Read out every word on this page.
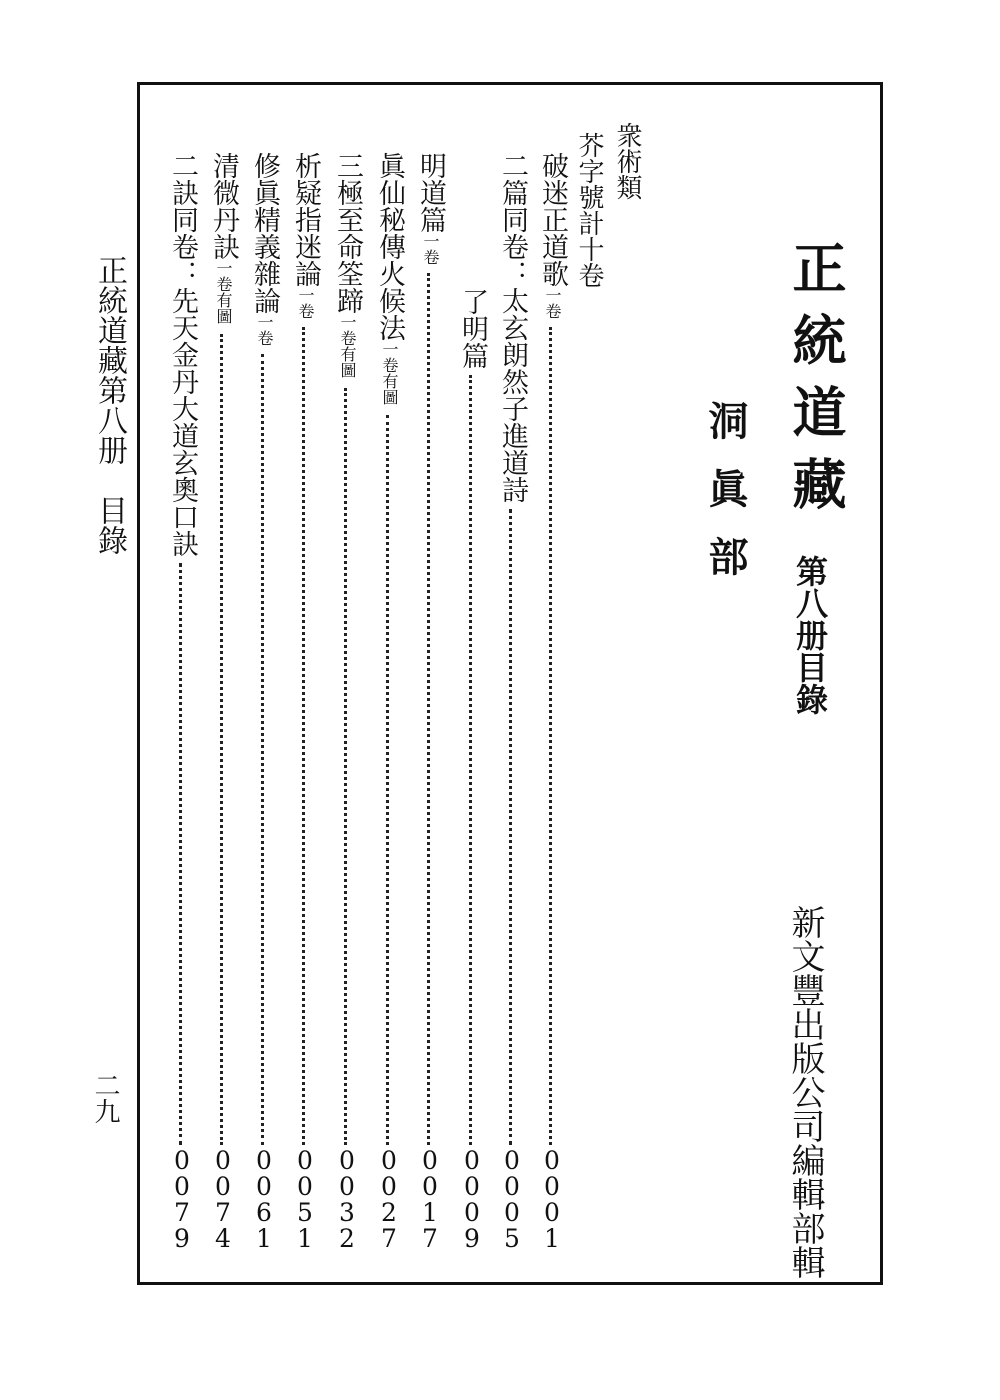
正統道藏第八册　目錄
二九
正統道藏
第八册目錄
洞眞部
新文豐出版公司編輯部輯
衆術類
芥字號計十卷
破迷正道歌一卷
0
0
0
1
二篇同卷：太玄朗然子進道詩
0
0
0
5
了明篇
0
0
0
9
明道篇一卷
0
0
1
7
眞仙秘傳火候法一卷有圖
0
0
2
7
三極至命筌蹄一卷有圖
0
0
3
2
析疑指迷論一卷
0
0
5
1
修眞精義雜論一卷
0
0
6
1
清微丹訣一卷有圖
0
0
7
4
二訣同卷：先天金丹大道玄奧口訣
0
0
7
9
